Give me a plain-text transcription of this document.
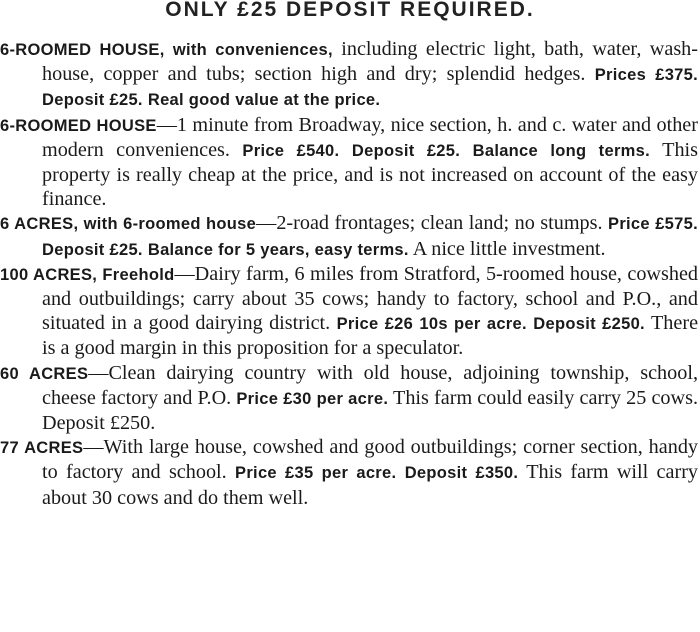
ONLY £25 DEPOSIT REQUIRED.

6-ROOMED HOUSE, with conveniences, including electric light, bath, water, wash-house, copper and tubs; section high and dry; splendid hedges. Prices £375. Deposit £25. Real good value at the price.

6-ROOMED HOUSE—1 minute from Broadway, nice section, h. and c. water and other modern conveniences. Price £540. Deposit £25. Balance long terms. This property is really cheap at the price, and is not increased on account of the easy finance.

6 ACRES, with 6-roomed house—2-road frontages; clean land; no stumps. Price £575. Deposit £25. Balance for 5 years, easy terms. A nice little investment.

100 ACRES, Freehold—Dairy farm, 6 miles from Stratford, 5-roomed house, cowshed and outbuildings; carry about 35 cows; handy to factory, school and P.O., and situated in a good dairying district. Price £26 10s per acre. Deposit £250. There is a good margin in this proposition for a speculator.

60 ACRES—Clean dairying country with old house, adjoining township, school, cheese factory and P.O. Price £30 per acre. This farm could easily carry 25 cows. Deposit £250.

77 ACRES—With large house, cowshed and good outbuildings; corner section, handy to factory and school. Price £35 per acre. Deposit £350. This farm will carry about 30 cows and do them well.
